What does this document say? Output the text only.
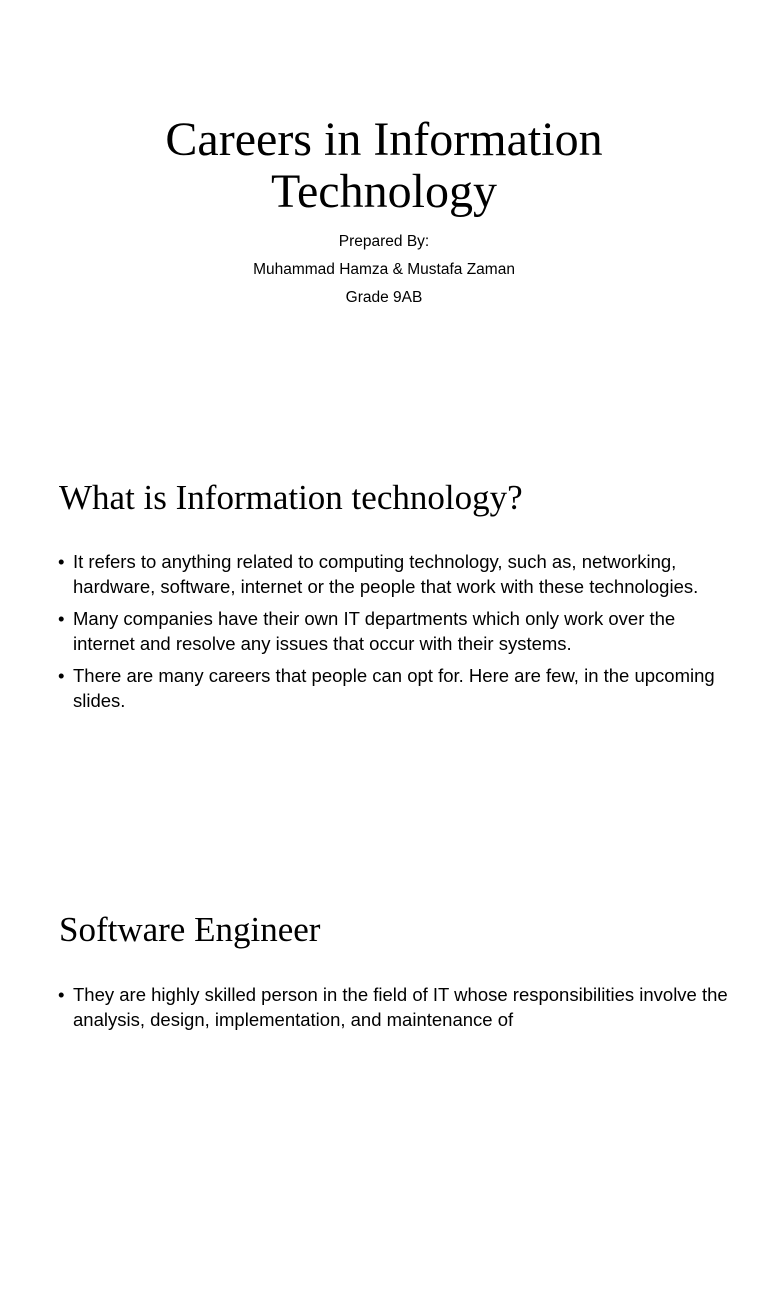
Careers in Information
Technology
Prepared By:
Muhammad Hamza & Mustafa Zaman
Grade 9AB
What is Information technology?
• It refers to anything related to computing technology, such as, networking, hardware, software, internet or the people that work with these technologies.
• Many companies have their own IT departments which only work over the internet and resolve any issues that occur with their systems.
• There are many careers that people can opt for. Here are few, in the upcoming slides.
Software Engineer
• They are highly skilled person in the field of IT whose responsibilities involve the analysis, design, implementation, and maintenance of
